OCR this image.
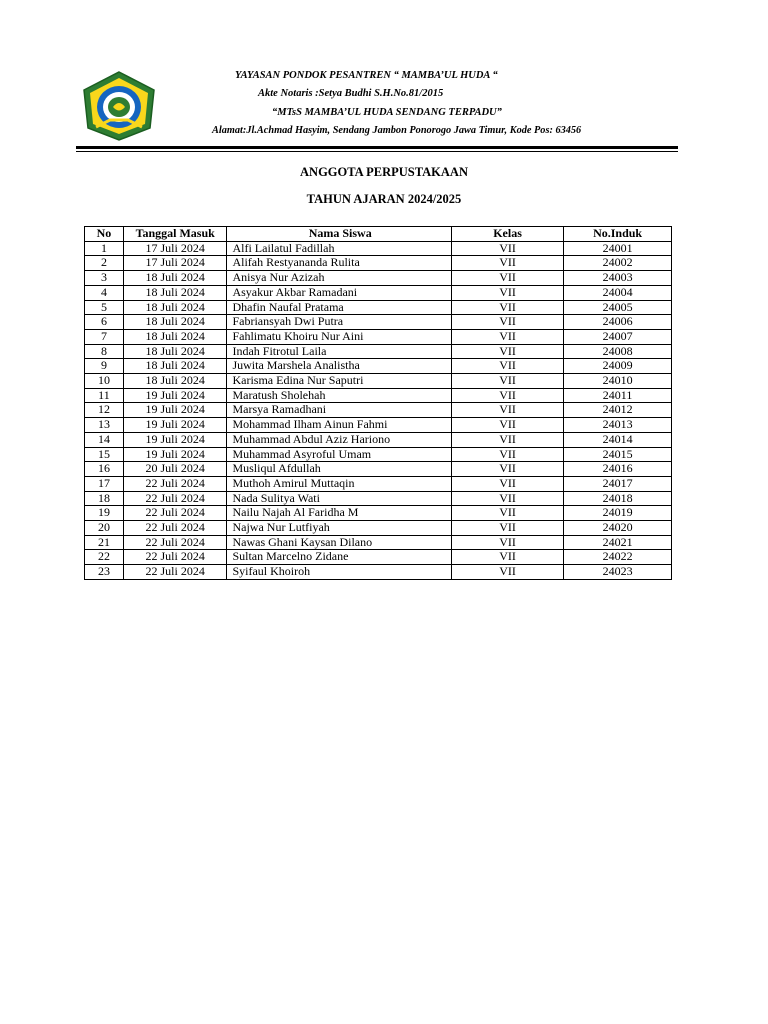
YAYASAN PONDOK PESANTREN “ MAMBA’UL HUDA “
Akte Notaris :Setya Budhi S.H.No.81/2015
“MTsS MAMBA’UL HUDA SENDANG TERPADU”
Alamat:Jl.Achmad Hasyim, Sendang Jambon Ponorogo Jawa Timur, Kode Pos: 63456
ANGGOTA PERPUSTAKAAN
TAHUN AJARAN 2024/2025
No	Tanggal Masuk	Nama Siswa	Kelas	No.Induk
1	17 Juli 2024	Alfi Lailatul Fadillah	VII	24001
2	17 Juli 2024	Alifah Restyananda Rulita	VII	24002
3	18 Juli 2024	Anisya Nur Azizah	VII	24003
4	18 Juli 2024	Asyakur Akbar Ramadani	VII	24004
5	18 Juli 2024	Dhafin Naufal Pratama	VII	24005
6	18 Juli 2024	Fabriansyah Dwi Putra	VII	24006
7	18 Juli 2024	Fahlimatu Khoiru Nur Aini	VII	24007
8	18 Juli 2024	Indah Fitrotul Laila	VII	24008
9	18 Juli 2024	Juwita Marshela Analistha	VII	24009
10	18 Juli 2024	Karisma Edina Nur Saputri	VII	24010
11	19 Juli 2024	Maratush Sholehah	VII	24011
12	19 Juli 2024	Marsya Ramadhani	VII	24012
13	19 Juli 2024	Mohammad Ilham Ainun Fahmi	VII	24013
14	19 Juli 2024	Muhammad Abdul Aziz Hariono	VII	24014
15	19 Juli 2024	Muhammad Asyroful Umam	VII	24015
16	20 Juli 2024	Musliqul Afdullah	VII	24016
17	22 Juli 2024	Muthoh Amirul Muttaqin	VII	24017
18	22 Juli 2024	Nada Sulitya Wati	VII	24018
19	22 Juli 2024	Nailu Najah Al Faridha M	VII	24019
20	22 Juli 2024	Najwa Nur Lutfiyah	VII	24020
21	22 Juli 2024	Nawas Ghani Kaysan Dilano	VII	24021
22	22 Juli 2024	Sultan Marcelno Zidane	VII	24022
23	22 Juli 2024	Syifaul Khoiroh	VII	24023
